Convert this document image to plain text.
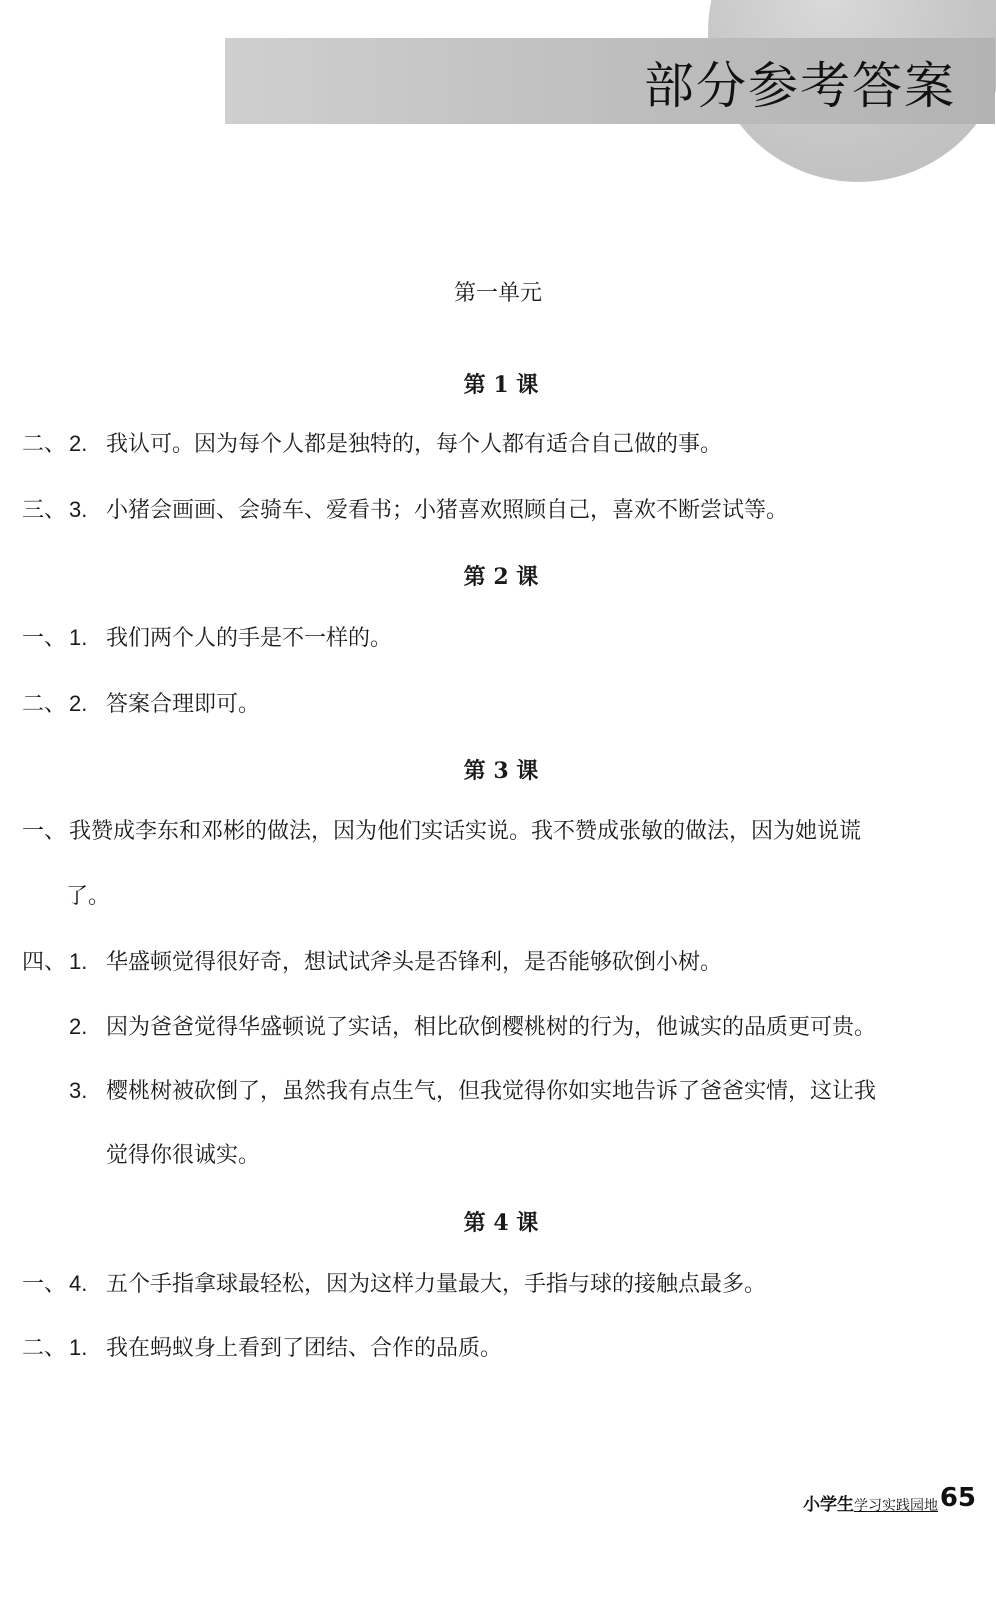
部分参考答案
第一单元
第 1 课
二、 2. 我认可。因为每个人都是独特的，每个人都有适合自己做的事。
三、 3. 小猪会画画、会骑车、爱看书；小猪喜欢照顾自己，喜欢不断尝试等。
第 2 课
一、 1. 我们两个人的手是不一样的。
二、 2. 答案合理即可。
第 3 课
一、 我赞成李东和邓彬的做法，因为他们实话实说。我不赞成张敏的做法，因为她说谎
了。
四、 1. 华盛顿觉得很好奇，想试试斧头是否锋利，是否能够砍倒小树。
2. 因为爸爸觉得华盛顿说了实话，相比砍倒樱桃树的行为，他诚实的品质更可贵。
3. 樱桃树被砍倒了，虽然我有点生气，但我觉得你如实地告诉了爸爸实情，这让我
觉得你很诚实。
第 4 课
一、 4. 五个手指拿球最轻松，因为这样力量最大，手指与球的接触点最多。
二、 1. 我在蚂蚁身上看到了团结、合作的品质。
小学生学习实践园地 65
